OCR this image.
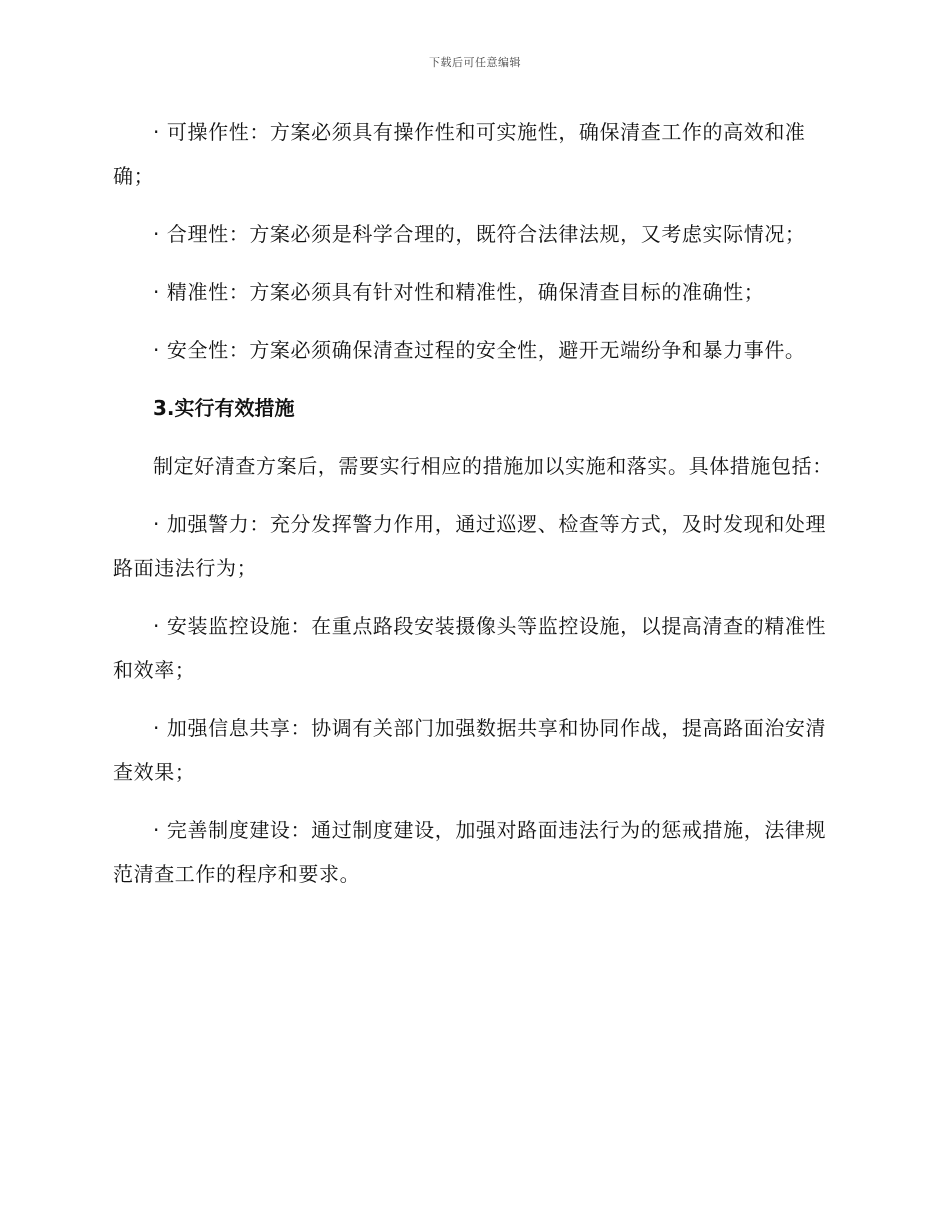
下载后可任意编辑

· 可操作性：方案必须具有操作性和可实施性，确保清查工作的高效和准确；

· 合理性：方案必须是科学合理的，既符合法律法规，又考虑实际情况；

· 精准性：方案必须具有针对性和精准性，确保清查目标的准确性；

· 安全性：方案必须确保清查过程的安全性，避开无端纷争和暴力事件。

3.实行有效措施

制定好清查方案后，需要实行相应的措施加以实施和落实。具体措施包括：

· 加强警力：充分发挥警力作用，通过巡逻、检查等方式，及时发现和处理路面违法行为；

· 安装监控设施：在重点路段安装摄像头等监控设施，以提高清查的精准性和效率；

· 加强信息共享：协调有关部门加强数据共享和协同作战，提高路面治安清查效果；

· 完善制度建设：通过制度建设，加强对路面违法行为的惩戒措施，法律规范清查工作的程序和要求。
